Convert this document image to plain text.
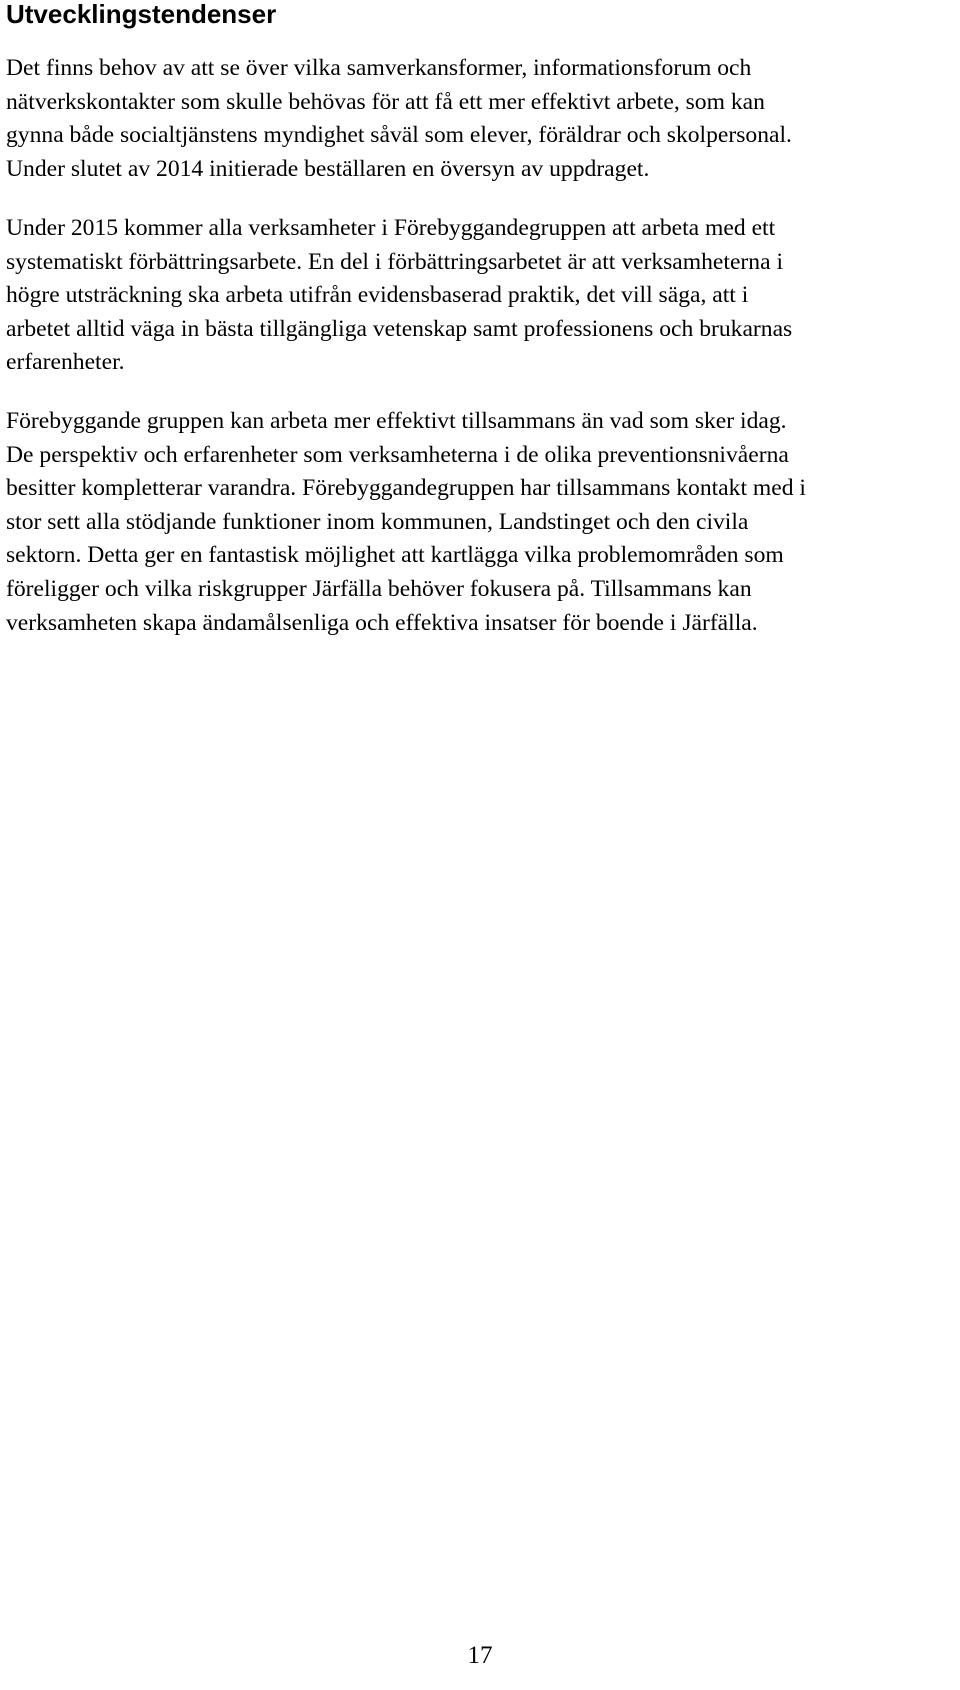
Utvecklingstendenser

Det finns behov av att se över vilka samverkansformer, informationsforum och
nätverkskontakter som skulle behövas för att få ett mer effektivt arbete, som kan
gynna både socialtjänstens myndighet såväl som elever, föräldrar och skolpersonal.
Under slutet av 2014 initierade beställaren en översyn av uppdraget.

Under 2015 kommer alla verksamheter i Förebyggandegruppen att arbeta med ett
systematiskt förbättringsarbete. En del i förbättringsarbetet är att verksamheterna i
högre utsträckning ska arbeta utifrån evidensbaserad praktik, det vill säga, att i
arbetet alltid väga in bästa tillgängliga vetenskap samt professionens och brukarnas
erfarenheter.

Förebyggande gruppen kan arbeta mer effektivt tillsammans än vad som sker idag.
De perspektiv och erfarenheter som verksamheterna i de olika preventionsnivåerna
besitter kompletterar varandra. Förebyggandegruppen har tillsammans kontakt med i
stor sett alla stödjande funktioner inom kommunen, Landstinget och den civila
sektorn. Detta ger en fantastisk möjlighet att kartlägga vilka problemområden som
föreligger och vilka riskgrupper Järfälla behöver fokusera på. Tillsammans kan
verksamheten skapa ändamålsenliga och effektiva insatser för boende i Järfälla.

17
